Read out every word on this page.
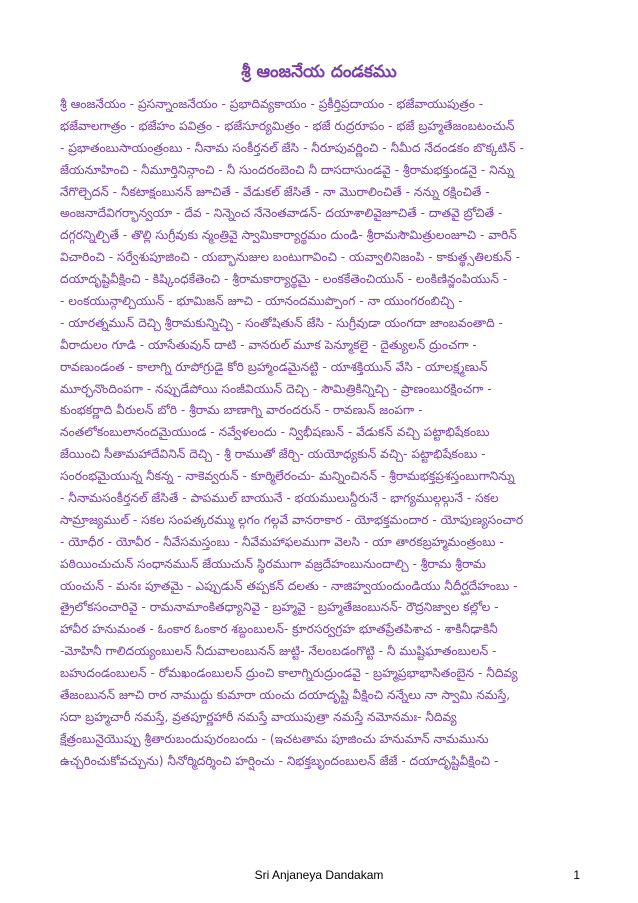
శ్రీ ఆంజనేయ దండకము
శ్రీ ఆంజనేయం - ప్రసన్నాంజనేయం - ప్రభాదివ్యకాయం - ప్రకీర్తిప్రదాయం - భజేవాయుపుత్రం -
భజేవాలగాత్రం - భజేహం పవిత్రం - భజేసూర్యమిత్రం - భజే రుద్రరూపం - భజే బ్రహ్మతేజంబటంచున్
- ప్రభాతంబుసాయంత్రంబు - నీనామ సంకీర్తనల్ జేసి - నీరూపువర్ణించి - నీమీద నేదండకం బొక్కటిన్ -
జేయనూహించి - నీమూర్తినిన్గాంచి - నీ సుందరంబెంచి నీ దాసదాసుండవై - శ్రీరామభక్తుండనై - నిన్ను
నేగొల్చెదన్ - నీకటాక్షంబునన్ జూచితే - వేడుకల్ జేసితే - నా మొరాలించితే - నన్ను రక్షించితే -
అంజనాదేవిగర్భాన్వయా - దేవ - నిన్నెంచ నేనెంతవాడన్- దయాశాలివైజూచితే - దాతవై బ్రోచితే -
దగ్గరన్నిల్చితే - తొల్లి సుగ్రీవుకు న్మంత్రివై స్వామికార్యార్థమం దుండి- శ్రీరామసౌమిత్రులంజూచి - వారిన్
విచారించి - సర్వేశుపూజించి - యబ్భానుజుల బంటుగావించి - యవ్వాలినిజంపి - కాకుత్థ్సతిలకున్ -
దయాదృష్టివీక్షించి - కిష్కింధకేతెంచి - శ్రీరామకార్యార్థమై - లంకకేతెంచియున్ - లంకిణిన్జంపియున్ -
- లంకయున్గాల్చియున్ - భూమిజన్ జూచి - యానందముప్పొంగ - నా యుంగరంబిచ్చి -
- యారత్నమున్ దెచ్చి శ్రీరామకున్నిచ్చి - సంతోషితున్ జేసి - సుగ్రీవుడా యంగదా జాంబవంతాది -
వీరాదులం గూడి - యాసేతువున్ దాటి - వానరుల్ మూక పెన్మూకలై - దైత్యులన్ ద్రుంచగా -
రావణుండంత - కాలాగ్ని రూపోగ్రుడై కోరి బ్రహ్మాండమైనట్టి - యాశక్తియున్ వేసి - యాలక్ష్మణున్
మూర్ఛనొందింపగా - నప్పుడేపోయి సంజీవియున్ దెచ్చి - సౌమిత్రికిన్నిచ్చి - ప్రాణంబురక్షించగా -
కుంభకర్ణాది వీరులన్ బోరి - శ్రీరామ బాణాగ్ని వారందరున్ - రావణున్ జంపగా -
నంతలోకంబులానందమైయుండ - నవ్వేళలందు - న్విభీషణున్ - వేడుకన్ వచ్చి పట్టాభిషేకంబు
జేయించి సీతామహాదేవినిన్ దెచ్చి - శ్రీ రాముతో జేర్చి- యయోధ్యకున్ వచ్చి- పట్టాభిషేకంబు -
సంరంభమైయున్న నీకన్న - నాకెవ్వరున్ - కూర్మిలేరంచు- మన్నించినన్ - శ్రీరామభక్తప్రశస్తంబుగానిన్ను
- నీనామసంకీర్తనల్ జేసితే - పాపముల్ బాయునే - భయములున్దీరునే - భాగ్యముల్గల్గునే - సకల
సామ్రాజ్యముల్ - సకల సంపత్కరమ్ము ల్గగం గల్గవే వానరాకార - యోభక్తమందార - యోపుణ్యసంచార
- యోధీర - యోవీర - నీవేసమస్తంబు - నీవేమహాఫలముగా వెలసి - యా తారకబ్రహ్మమంత్రంబు -
పఠియించుచున్ సంధానమున్ జేయుచున్ స్థిరముగా వజ్రదేహంబునుందాల్చి - శ్రీరామ శ్రీరామ
యంచున్ - మనః పూతమై - ఎప్పుడున్ తప్పకన్ దలతు - నాజిహ్వయందుండియు నీదీర్ఘదేహంబు -
త్రైలోకసంచారివై - రామనామాంకితధ్యానివై - బ్రహ్మవై - బ్రహ్మతేజంబునన్- రౌద్రనిజ్వాల కల్లోల -
హావీర హనుమంత - ఓంకార ఓంకార శబ్దంబులన్- క్రూరసర్వగ్రహ భూతప్రేతపిశాచ - శాకినీఢాకినీ
-మోహినీ గాలిదయ్యంబులన్ నీదువాలంబునన్ జుట్టి- నేలంబడంగొట్టి - నీ ముష్టిఘాతంబులన్ -
బహుదండంబులన్ - రోమఖండంబులన్ ద్రుంచి కాలాగ్నిరుద్రుండవై - బ్రహ్మప్రభాభాసితంబైన - నీదివ్య
తేజంబునన్ జూచి రార నాముద్దు కుమారా యంచు దయాదృష్టి వీక్షించి నన్నేలు నా స్వామి నమస్తే,
సదా బ్రహ్మచారీ నమస్తే, వ్రతపూర్ణహారీ నమస్తే వాయుపుత్రా నమస్తే నమోనమః- నీదివ్య
క్షేత్రంబునైయొప్పు శ్రీతారుబందుపురంబందు - (ఇచటతామ పూజించు హనుమాన్ నామమును
ఉచ్చరించుకోవచ్చును) నీనోర్మిదర్శించి హర్షించు - నిభక్తబృందంబులన్ జేజే - దయాదృష్టివీక్షించి -
Sri Anjaneya Dandakam	1
